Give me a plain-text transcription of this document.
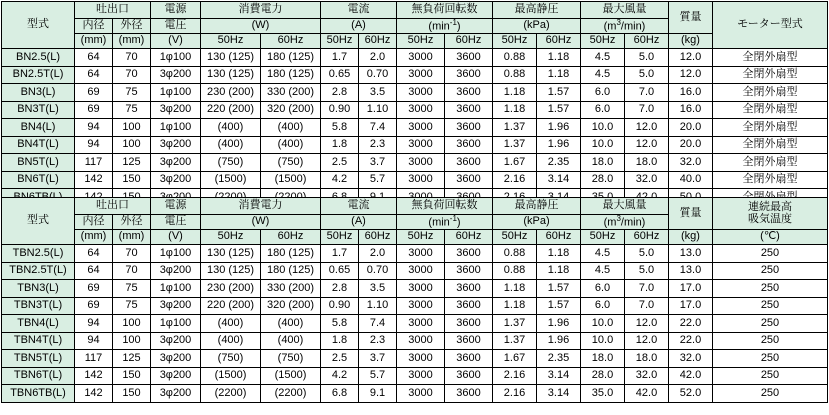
型式	吐出口		電源	消費電力		電流		無負荷回転数		最高静圧		最大風量		質量	モーター型式
	内径	外径	電圧	(W)		(A)		$(\min^{-1})$		(kPa)		$(m^3/\min)$			
	(mm)	(mm)	(V)	50Hz	60Hz	50Hz	60Hz	50Hz	60Hz	50Hz	60Hz	50Hz	60Hz	(kg)	
BN2.5(L)	64	70	1φ100	130 (125)	180 (125)	1.7	2.0	3000	3600	0.88	1.18	4.5	5.0	12.0	全閉外扇型
BN2.5T(L)	64	70	3φ200	130 (125)	180 (125)	0.65	0.70	3000	3600	0.88	1.18	4.5	5.0	12.0	全閉外扇型
BN3(L)	69	75	1φ100	230 (200)	330 (200)	2.8	3.5	3000	3600	1.18	1.57	6.0	7.0	16.0	全閉外扇型
BN3T(L)	69	75	3φ200	220 (200)	320 (200)	0.90	1.10	3000	3600	1.18	1.57	6.0	7.0	16.0	全閉外扇型
BN4(L)	94	100	1φ100	(400)	(400)	5.8	7.4	3000	3600	1.37	1.96	10.0	12.0	20.0	全閉外扇型
BN4T(L)	94	100	3φ200	(400)	(400)	1.8	2.3	3000	3600	1.37	1.96	10.0	12.0	20.0	全閉外扇型
BN5T(L)	117	125	3φ200	(750)	(750)	2.5	3.7	3000	3600	1.67	2.35	18.0	18.0	32.0	全閉外扇型
BN6T(L)	142	150	3φ200	(1500)	(1500)	4.2	5.7	3000	3600	2.16	3.14	28.0	32.0	40.0	全閉外扇型

型式	吐出口		電源	消費電力		電流		無負荷回転数		最高静圧		最大風量		質量	連続最高
吸気温度

	内径	外径	電圧	(W)		(A)		$(\min^{-1})$		(kPa)		$(m^3/\min)$			
	(mm)	(mm)	(V)	50Hz	60Hz	50Hz	60Hz	50Hz	60Hz	50Hz	60Hz	50Hz	60Hz	(kg)	(℃)
TBN2.5(L)	64	70	1φ100	130 (125)	180 (125)	1.7	2.0	3000	3600	0.88	1.18	4.5	5.0	13.0	250
TBN2.5T(L)	64	70	3φ200	130 (125)	180 (125)	0.65	0.70	3000	3600	0.88	1.18	4.5	5.0	13.0	250
TBN3(L)	69	75	1φ100	230 (200)	330 (200)	2.8	3.5	3000	3600	1.18	1.57	6.0	7.0	17.0	250
TBN3T(L)	69	75	3φ200	220 (200)	320 (200)	0.90	1.10	3000	3600	1.18	1.57	6.0	7.0	17.0	250
TBN4(L)	94	100	1φ100	(400)	(400)	5.8	7.4	3000	3600	1.37	1.96	10.0	12.0	22.0	250
TBN4T(L)	94	100	3φ200	(400)	(400)	1.8	2.3	3000	3600	1.37	1.96	10.0	12.0	22.0	250
TBN5T(L)	117	125	3φ200	(750)	(750)	2.5	3.7	3000	3600	1.67	2.35	18.0	18.0	32.0	250
TBN6T(L)	142	150	3φ200	(1500)	(1500)	4.2	5.7	3000	3600	2.16	3.14	28.0	32.0	42.0	250
TBN6TB(L)	142	150	3φ200	(2200)	(2200)	6.8	9.1	3000	3600	2.16	3.14	35.0	42.0	52.0	250
